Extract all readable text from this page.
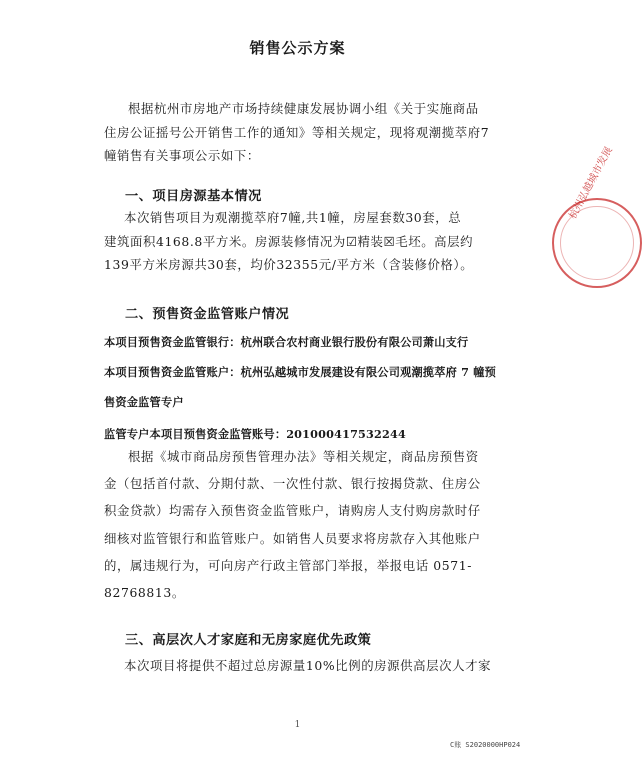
销售公示方案

根据杭州市房地产市场持续健康发展协调小组《关于实施商品
住房公证摇号公开销售工作的通知》等相关规定，现将观潮揽萃府7
幢销售有关事项公示如下：

一、项目房源基本情况

本次销售项目为观潮揽萃府7幢,共1幢，房屋套数30套，总
建筑面积4168.8平方米。房源装修情况为☑精装☒毛坯。高层约
139平方米房源共30套，均价32355元/平方米（含装修价格）。

二、预售资金监管账户情况
本项目预售资金监管银行：杭州联合农村商业银行股份有限公司萧山支行
本项目预售资金监管账户：杭州弘越城市发展建设有限公司观潮揽萃府 7 幢预
售资金监管专户
监管专户本项目预售资金监管账号：201000417532244

根据《城市商品房预售管理办法》等相关规定，商品房预售资
金（包括首付款、分期付款、一次性付款、银行按揭贷款、住房公
积金贷款）均需存入预售资金监管账户，请购房人支付购房款时仔
细核对监管银行和监管账户。如销售人员要求将房款存入其他账户
的，属违规行为，可向房产行政主管部门举报，举报电话 0571-
82768813。

三、高层次人才家庭和无房家庭优先政策

本次项目将提供不超过总房源量10%比例的房源供高层次人才家

1
C账 S2020000HP024
杭州弘越城市发展
